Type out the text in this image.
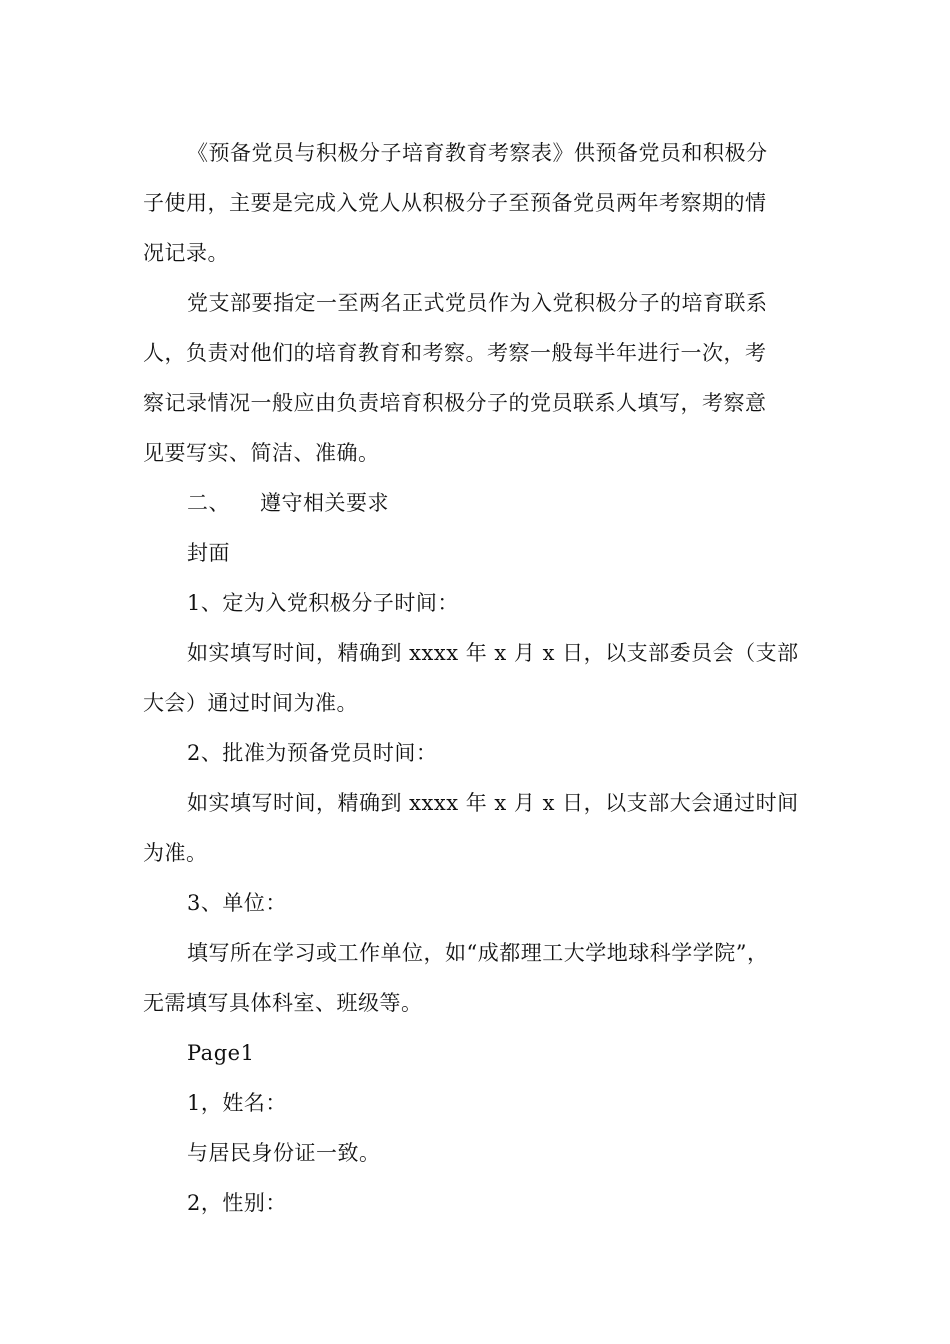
《预备党员与积极分子培育教育考察表》供预备党员和积极分
子使用，主要是完成入党人从积极分子至预备党员两年考察期的情
况记录。

党支部要指定一至两名正式党员作为入党积极分子的培育联系
人，负责对他们的培育教育和考察。考察一般每半年进行一次，考
察记录情况一般应由负责培育积极分子的党员联系人填写，考察意
见要写实、简洁、准确。

二、 遵守相关要求

封面

1、定为入党积极分子时间：

如实填写时间，精确到 xxxx 年 x 月 x 日，以支部委员会（支部
大会）通过时间为准。

2、批准为预备党员时间：

如实填写时间，精确到 xxxx 年 x 月 x 日，以支部大会通过时间
为准。

3、单位：

填写所在学习或工作单位，如“成都理工大学地球科学学院”，
无需填写具体科室、班级等。

Page1

1，姓名：

与居民身份证一致。

2，性别：
